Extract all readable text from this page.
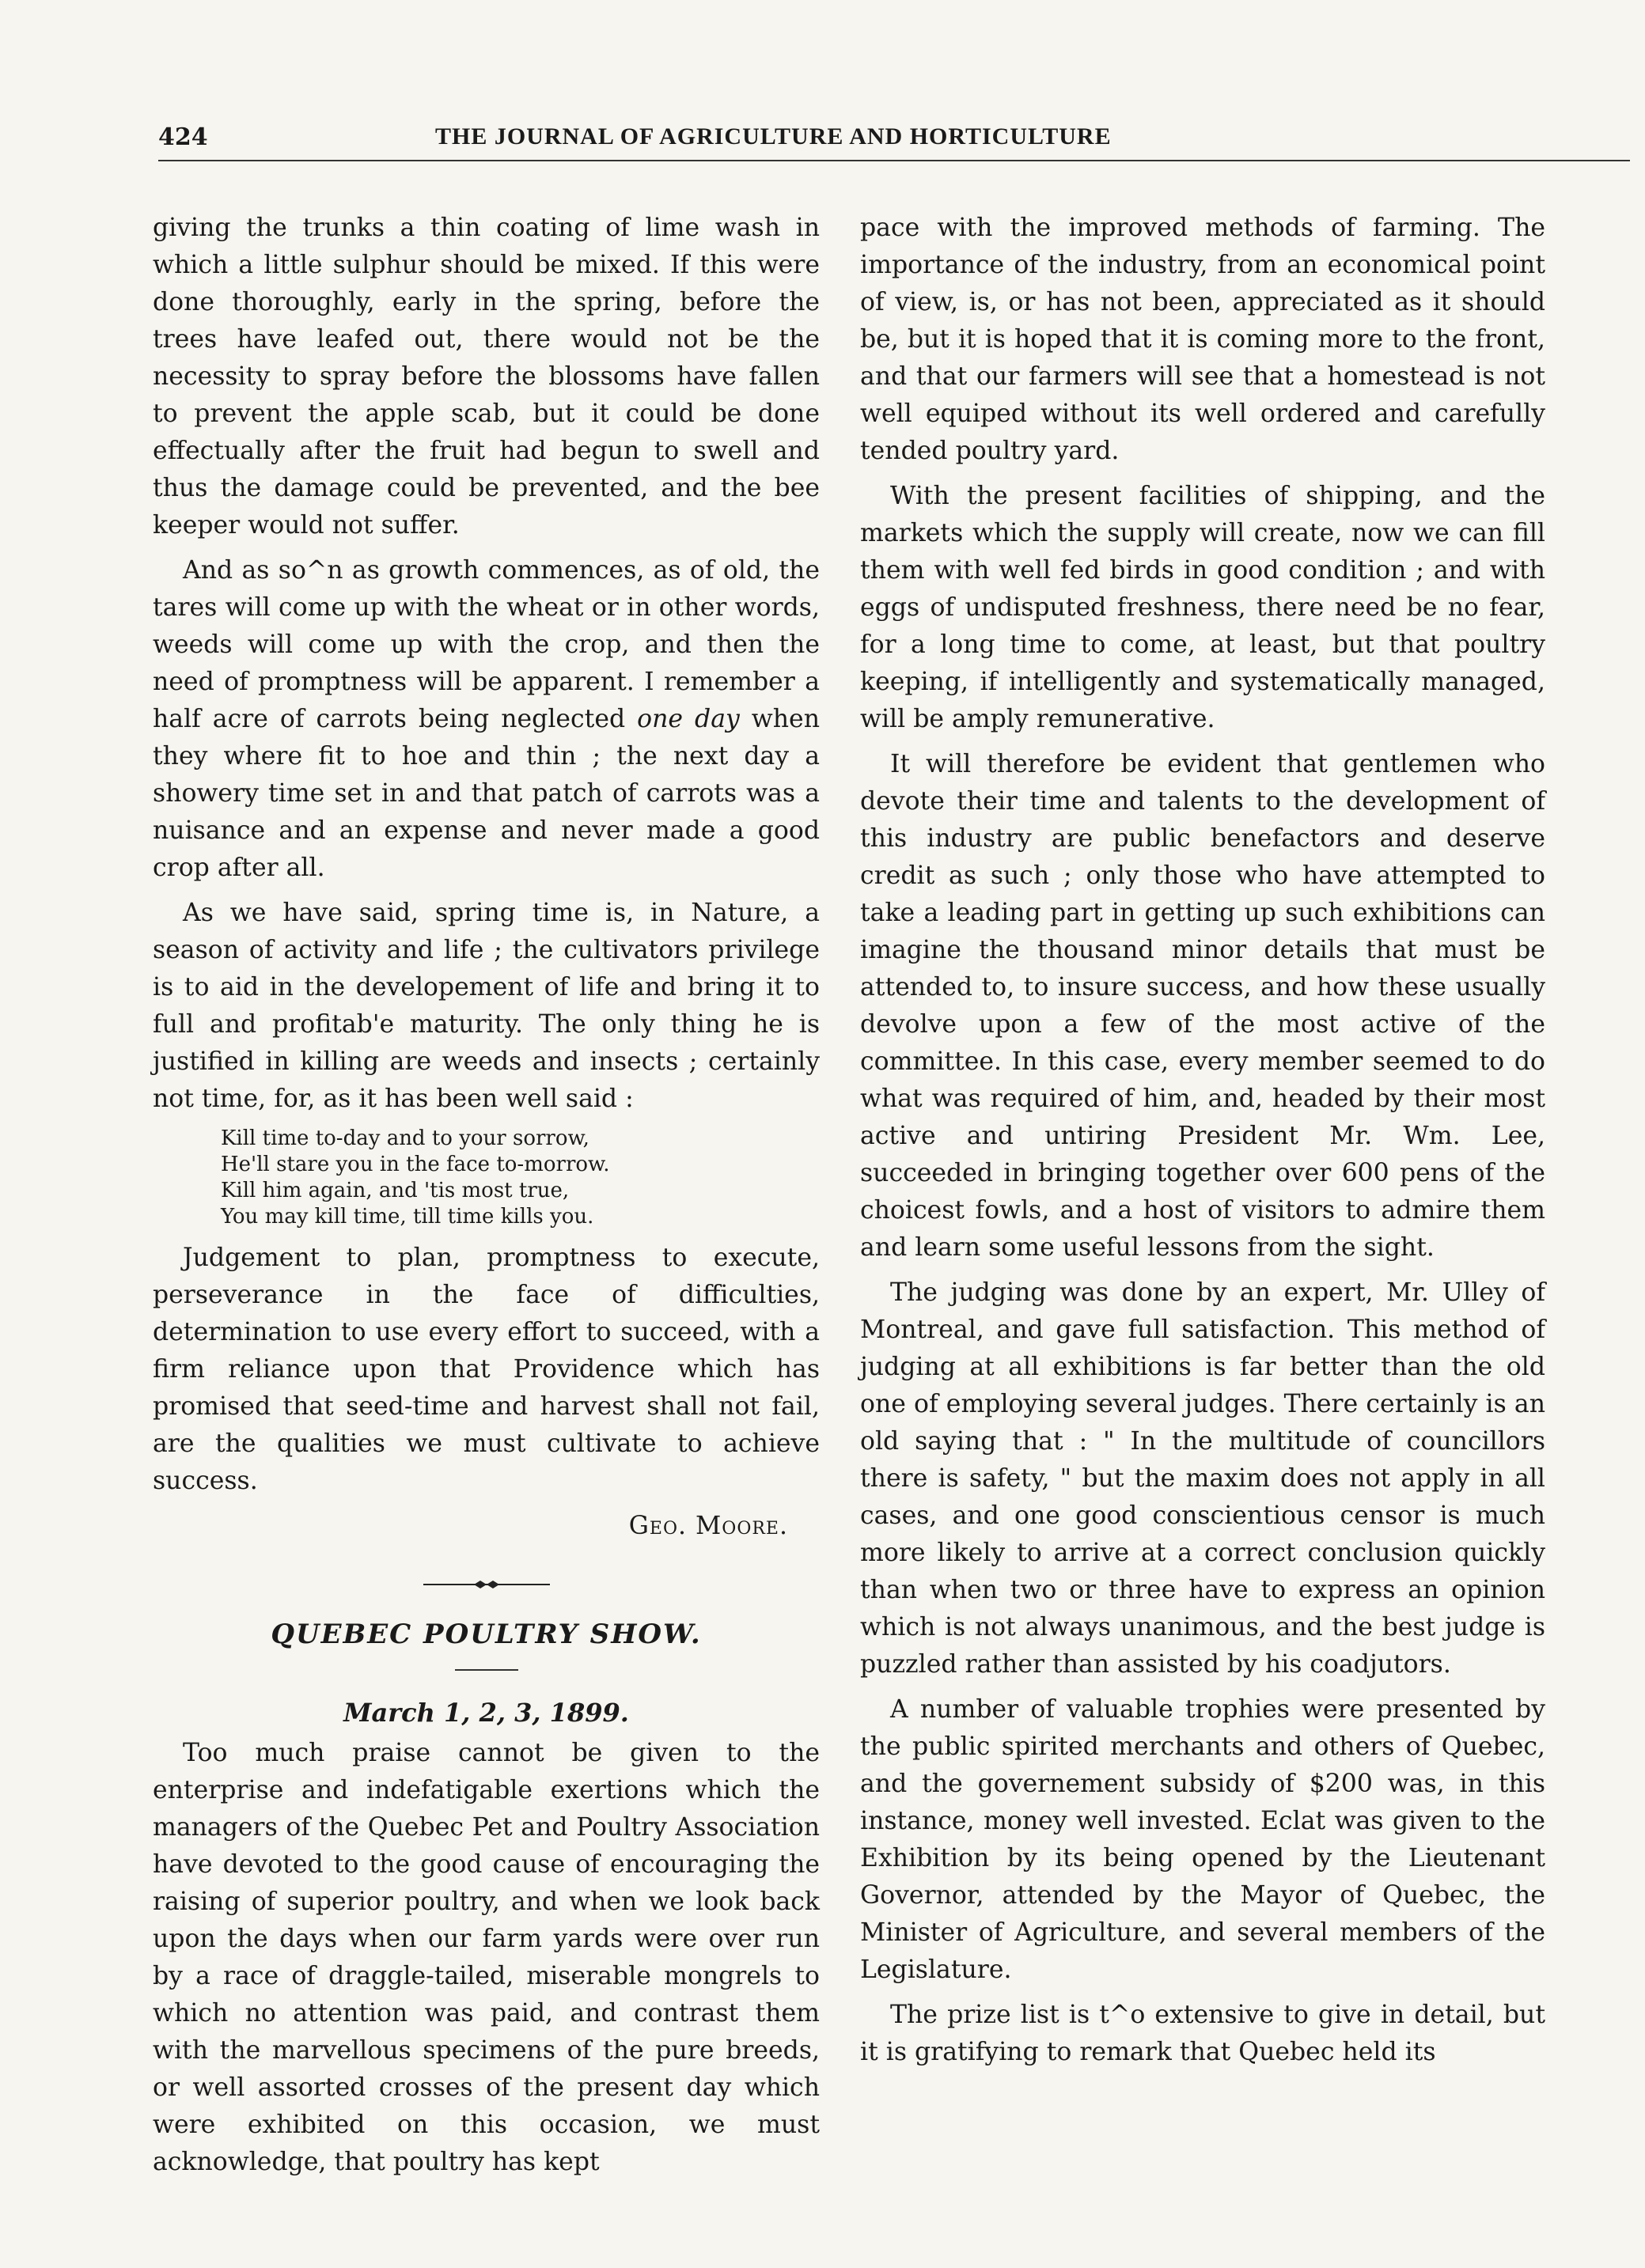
424	THE JOURNAL OF AGRICULTURE AND HORTICULTURE

giving the trunks a thin coating of lime wash in which a little sulphur should be mixed. If this were done thoroughly, early in the spring, before the trees have leafed out, there would not be the necessity to spray before the blossoms have fallen to prevent the apple scab, but it could be done effectually after the fruit had begun to swell and thus the damage could be prevented, and the bee keeper would not suffer.

And as so^n as growth commences, as of old, the tares will come up with the wheat or in other words, weeds will come up with the crop, and then the need of promptness will be apparent. I remember a half acre of carrots being neglected one day when they where fit to hoe and thin ; the next day a showery time set in and that patch of carrots was a nuisance and an expense and never made a good crop after all.

As we have said, spring time is, in Nature, a season of activity and life ; the cultivators privilege is to aid in the developement of life and bring it to full and profitab'e maturity. The only thing he is justified in killing are weeds and insects ; certainly not time, for, as it has been well said :

Kill time to-day and to your sorrow,
He'll stare you in the face to-morrow.
Kill him again, and 'tis most true,
You may kill time, till time kills you.

Judgement to plan, promptness to execute, perseverance in the face of difficulties, determination to use every effort to succeed, with a firm reliance upon that Providence which has promised that seed-time and harvest shall not fail, are the qualities we must cultivate to achieve success.

Geo. Moore.
QUEBEC POULTRY SHOW.
March 1, 2, 3, 1899.

Too much praise cannot be given to the enterprise and indefatigable exertions which the managers of the Quebec Pet and Poultry Association have devoted to the good cause of encouraging the raising of superior poultry, and when we look back upon the days when our farm yards were over run by a race of draggle-tailed, miserable mongrels to which no attention was paid, and contrast them with the marvellous specimens of the pure breeds, or well assorted crosses of the present day which were exhibited on this occasion, we must acknowledge, that poultry has kept

pace with the improved methods of farming. The importance of the industry, from an economical point of view, is, or has not been, appreciated as it should be, but it is hoped that it is coming more to the front, and that our farmers will see that a homestead is not well equiped without its well ordered and carefully tended poultry yard.

With the present facilities of shipping, and the markets which the supply will create, now we can fill them with well fed birds in good condition ; and with eggs of undisputed freshness, there need be no fear, for a long time to come, at least, but that poultry keeping, if intelligently and systematically managed, will be amply remunerative.

It will therefore be evident that gentlemen who devote their time and talents to the development of this industry are public benefactors and deserve credit as such ; only those who have attempted to take a leading part in getting up such exhibitions can imagine the thousand minor details that must be attended to, to insure success, and how these usually devolve upon a few of the most active of the committee. In this case, every member seemed to do what was required of him, and, headed by their most active and untiring President Mr. Wm. Lee, succeeded in bringing together over 600 pens of the choicest fowls, and a host of visitors to admire them and learn some useful lessons from the sight.

The judging was done by an expert, Mr. Ulley of Montreal, and gave full satisfaction. This method of judging at all exhibitions is far better than the old one of employing several judges. There certainly is an old saying that : " In the multitude of councillors there is safety, " but the maxim does not apply in all cases, and one good conscientious censor is much more likely to arrive at a correct conclusion quickly than when two or three have to express an opinion which is not always unanimous, and the best judge is puzzled rather than assisted by his coadjutors.

A number of valuable trophies were presented by the public spirited merchants and others of Quebec, and the governement subsidy of $200 was, in this instance, money well invested. Eclat was given to the Exhibition by its being opened by the Lieutenant Governor, attended by the Mayor of Quebec, the Minister of Agriculture, and several members of the Legislature.

The prize list is t^o extensive to give in detail, but it is gratifying to remark that Quebec held its
